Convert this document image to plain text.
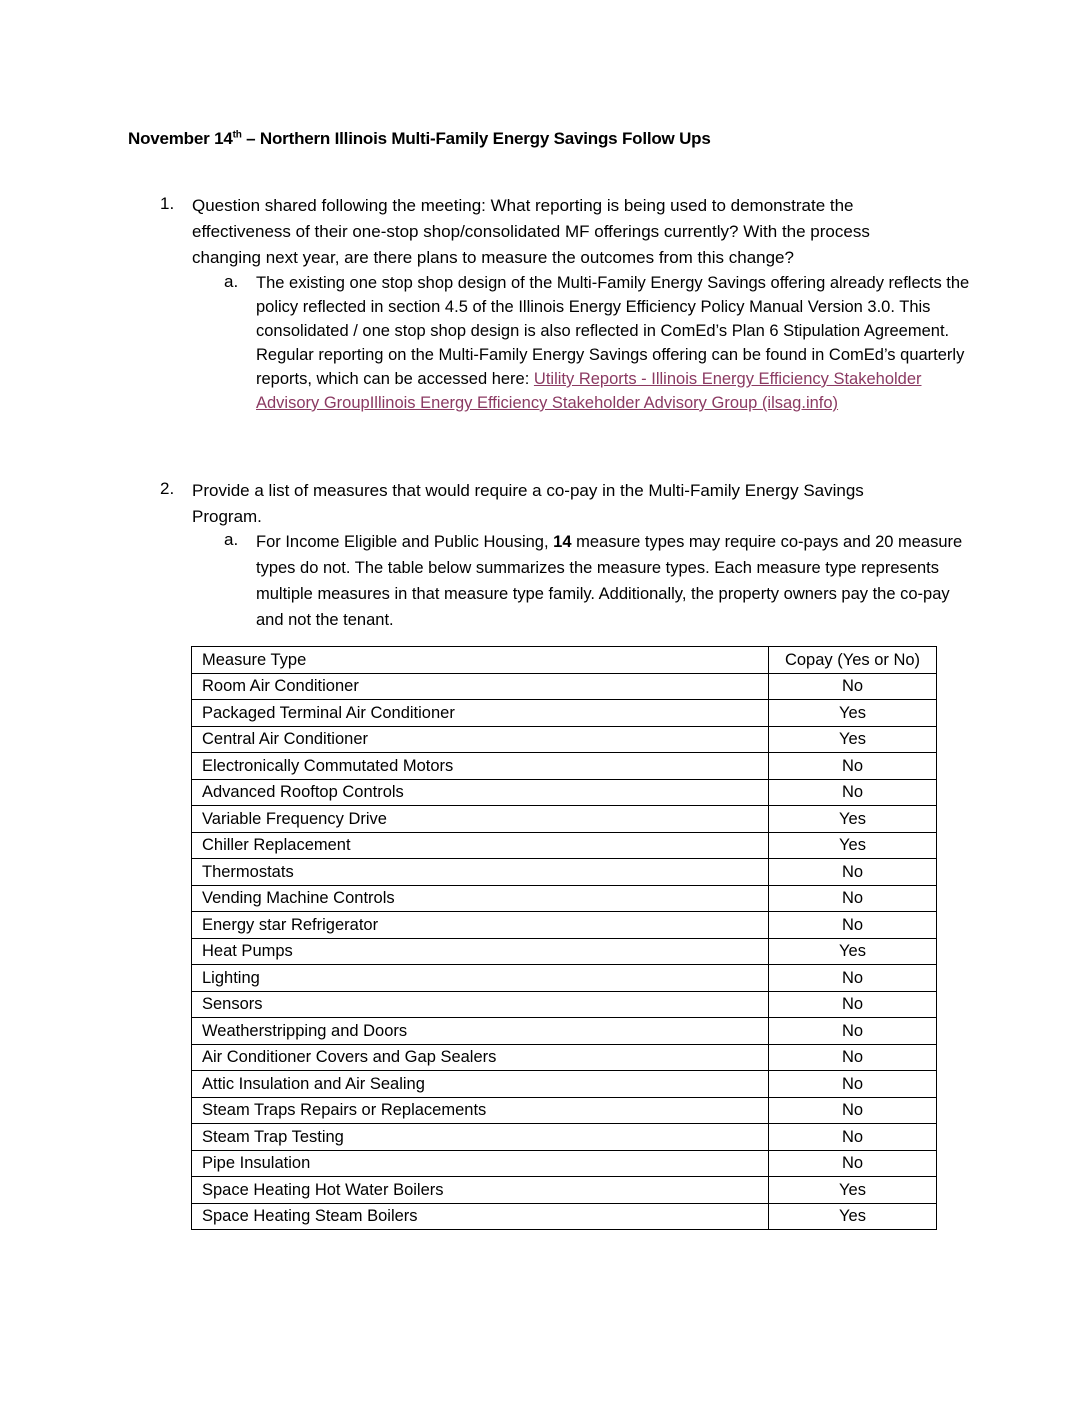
November 14th – Northern Illinois Multi-Family Energy Savings Follow Ups
1. Question shared following the meeting: What reporting is being used to demonstrate the effectiveness of their one-stop shop/consolidated MF offerings currently? With the process changing next year, are there plans to measure the outcomes from this change?
a. The existing one stop shop design of the Multi-Family Energy Savings offering already reflects the policy reflected in section 4.5 of the Illinois Energy Efficiency Policy Manual Version 3.0. This consolidated / one stop shop design is also reflected in ComEd’s Plan 6 Stipulation Agreement. Regular reporting on the Multi-Family Energy Savings offering can be found in ComEd’s quarterly reports, which can be accessed here: Utility Reports - Illinois Energy Efficiency Stakeholder Advisory GroupIllinois Energy Efficiency Stakeholder Advisory Group (ilsag.info)
2. Provide a list of measures that would require a co-pay in the Multi-Family Energy Savings Program.
a. For Income Eligible and Public Housing, 14 measure types may require co-pays and 20 measure types do not. The table below summarizes the measure types. Each measure type represents multiple measures in that measure type family. Additionally, the property owners pay the co-pay and not the tenant.
Measure Type	Copay (Yes or No)
Room Air Conditioner	No
Packaged Terminal Air Conditioner	Yes
Central Air Conditioner	Yes
Electronically Commutated Motors	No
Advanced Rooftop Controls	No
Variable Frequency Drive	Yes
Chiller Replacement	Yes
Thermostats	No
Vending Machine Controls	No
Energy star Refrigerator	No
Heat Pumps	Yes
Lighting	No
Sensors	No
Weatherstripping and Doors	No
Air Conditioner Covers and Gap Sealers	No
Attic Insulation and Air Sealing	No
Steam Traps Repairs or Replacements	No
Steam Trap Testing	No
Pipe Insulation	No
Space Heating Hot Water Boilers	Yes
Space Heating Steam Boilers	Yes
